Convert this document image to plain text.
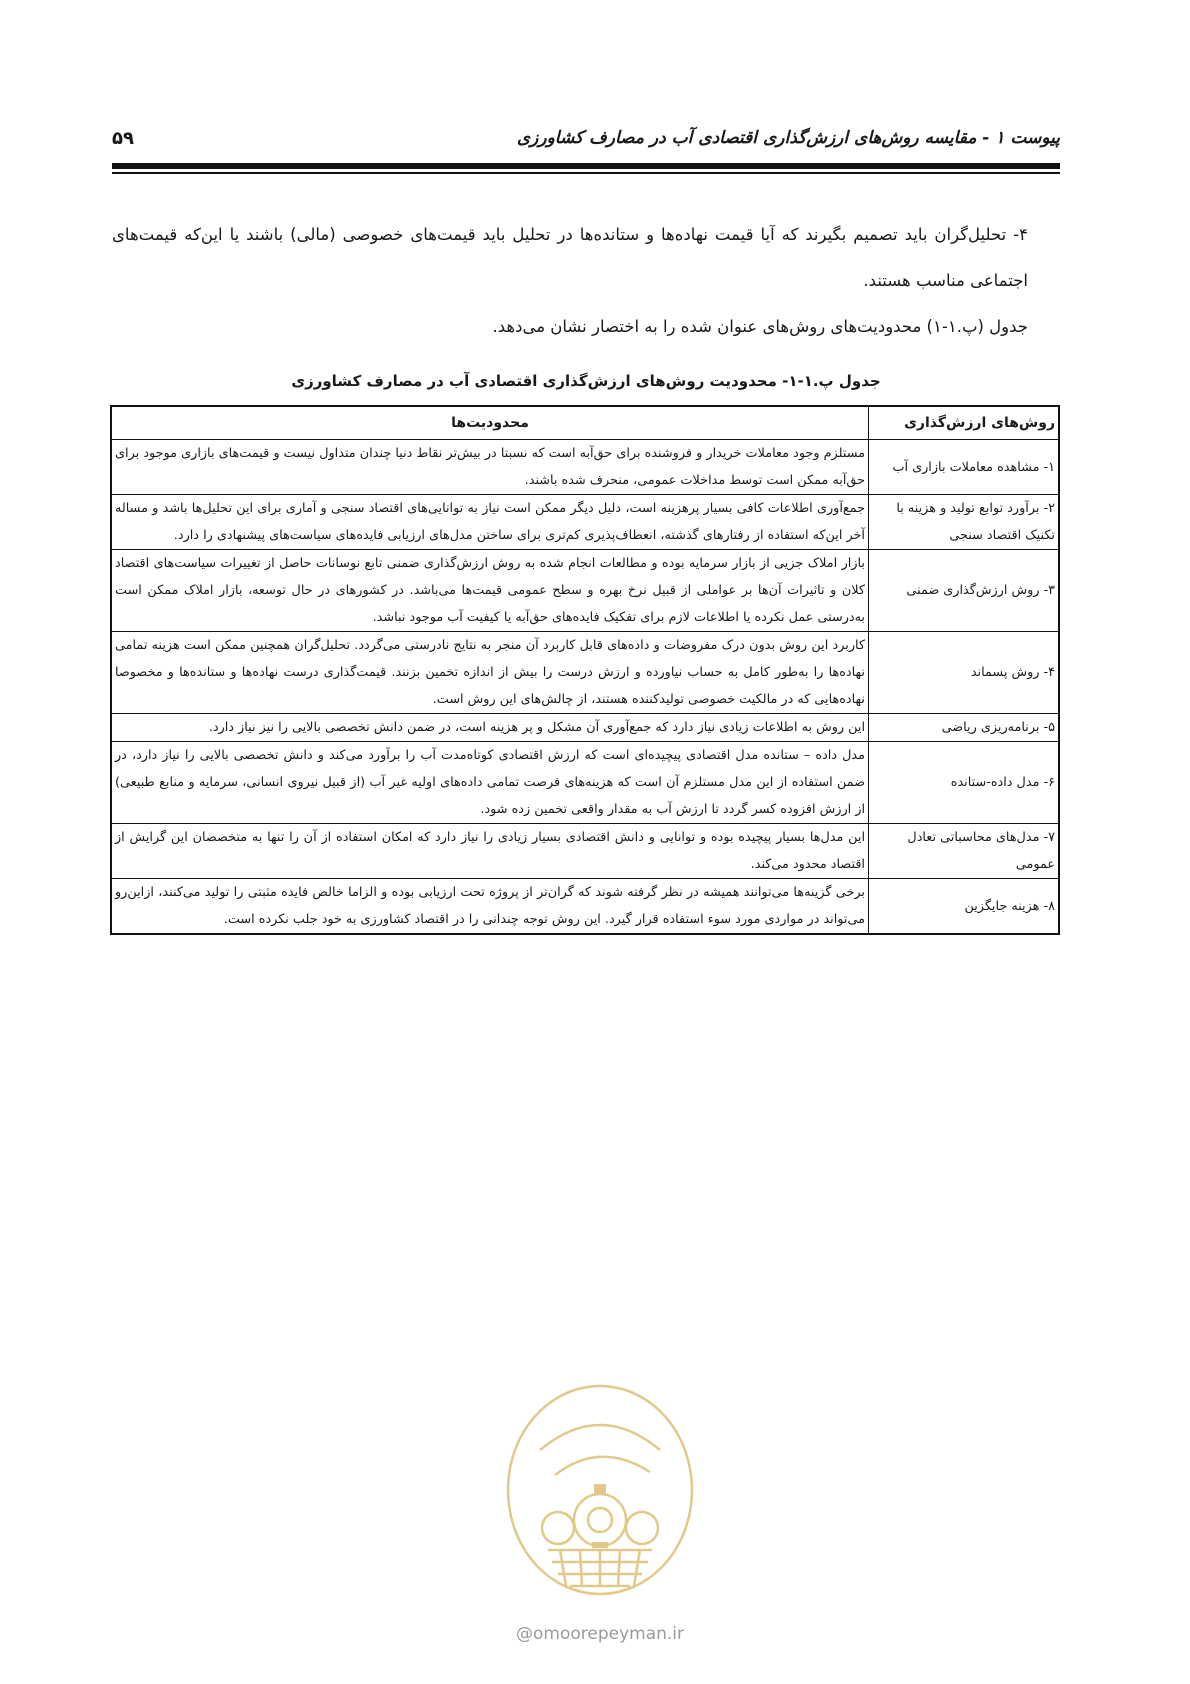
پیوست ۱ - مقایسه روش‌های ارزش‌گذاری اقتصادی آب در مصارف کشاورزی
۵۹

۴- تحلیل‌گران باید تصمیم بگیرند که آیا قیمت نهاده‌ها و ستانده‌ها در تحلیل باید قیمت‌های خصوصی (مالی) باشند یا این‌که قیمت‌های اجتماعی مناسب هستند.

جدول (پ.۱-۱) محدودیت‌های روش‌های عنوان شده را به اختصار نشان می‌دهد.

جدول پ.۱-۱- محدودیت روش‌های ارزش‌گذاری اقتصادی آب در مصارف کشاورزی
روش‌های ارزش‌گذاری	محدودیت‌ها
۱- مشاهده معاملات بازاری آب	مستلزم وجود معاملات خریدار و فروشنده برای حق‌آبه است که نسبتا در بیش‌تر نقاط دنیا چندان متداول نیست و قیمت‌های بازاری موجود برای حق‌آبه ممکن است توسط مداخلات عمومی، منحرف شده باشند.
۲- برآورد توابع تولید و هزینه با تکنیک اقتصاد سنجی	جمع‌آوری اطلاعات کافی بسیار پرهزینه است، دلیل دیگر ممکن است نیاز به توانایی‌های اقتصاد سنجی و آماری برای این تحلیل‌ها باشد و مساله آخر این‌که استفاده از رفتارهای گذشته، انعطاف‌پذیری کم‌تری برای ساختن مدل‌های ارزیابی فایده‌های سیاست‌های پیشنهادی را دارد.
۳- روش ارزش‌گذاری ضمنی	بازار املاک جزیی از بازار سرمایه بوده و مطالعات انجام شده به روش ارزش‌گذاری ضمنی تابع نوسانات حاصل از تغییرات سیاست‌های اقتصاد کلان و تاثیرات آن‌ها بر عواملی از قبیل نرخ بهره و سطح عمومی قیمت‌ها می‌باشد. در کشورهای در حال توسعه، بازار املاک ممکن است به‌درستی عمل نکرده یا اطلاعات لازم برای تفکیک فایده‌های حق‌آبه یا کیفیت آب موجود نباشد.
۴- روش پسماند	کاربرد این روش بدون درک مفروضات و داده‌های قابل کاربرد آن منجر به نتایج نادرستی می‌گردد. تحلیل‌گران همچنین ممکن است هزینه تمامی نهاده‌ها را به‌طور کامل به حساب نیاورده و ارزش درست را بیش از اندازه تخمین بزنند. قیمت‌گذاری درست نهاده‌ها و ستانده‌ها و مخصوصا نهاده‌هایی که در مالکیت خصوصی تولیدکننده هستند، از چالش‌های این روش است.
۵- برنامه‌ریزی ریاضی	این روش به اطلاعات زیادی نیاز دارد که جمع‌آوری آن مشکل و پر هزینه است، در ضمن دانش تخصصی بالایی را نیز نیاز دارد.
۶- مدل داده-ستانده	مدل داده – ستانده مدل اقتصادی پیچیده‌ای است که ارزش اقتصادی کوتاه‌مدت آب را برآورد می‌کند و دانش تخصصی بالایی را نیاز دارد، در ضمن استفاده از این مدل مستلزم آن است که هزینه‌های فرصت تمامی داده‌های اولیه غیر آب (از قبیل نیروی انسانی، سرمایه و منابع طبیعی) از ارزش افزوده کسر گردد تا ارزش آب به مقدار واقعی تخمین زده شود.
۷- مدل‌های محاسباتی تعادل عمومی	این مدل‌ها بسیار پیچیده بوده و توانایی و دانش اقتصادی بسیار زیادی را نیاز دارد که امکان استفاده از آن را تنها به متخصصان این گرایش از اقتصاد محدود می‌کند.
۸- هزینه جایگزین	برخی گزینه‌ها می‌توانند همیشه در نظر گرفته شوند که گران‌تر از پروژه تحت ارزیابی بوده و الزاما خالص فایده مثبتی را تولید می‌کنند، ازاین‌رو می‌تواند در مواردی مورد سوء استفاده قرار گیرد. این روش توجه چندانی را در اقتصاد کشاورزی به خود جلب نکرده است.
@omoorepeyman.ir
